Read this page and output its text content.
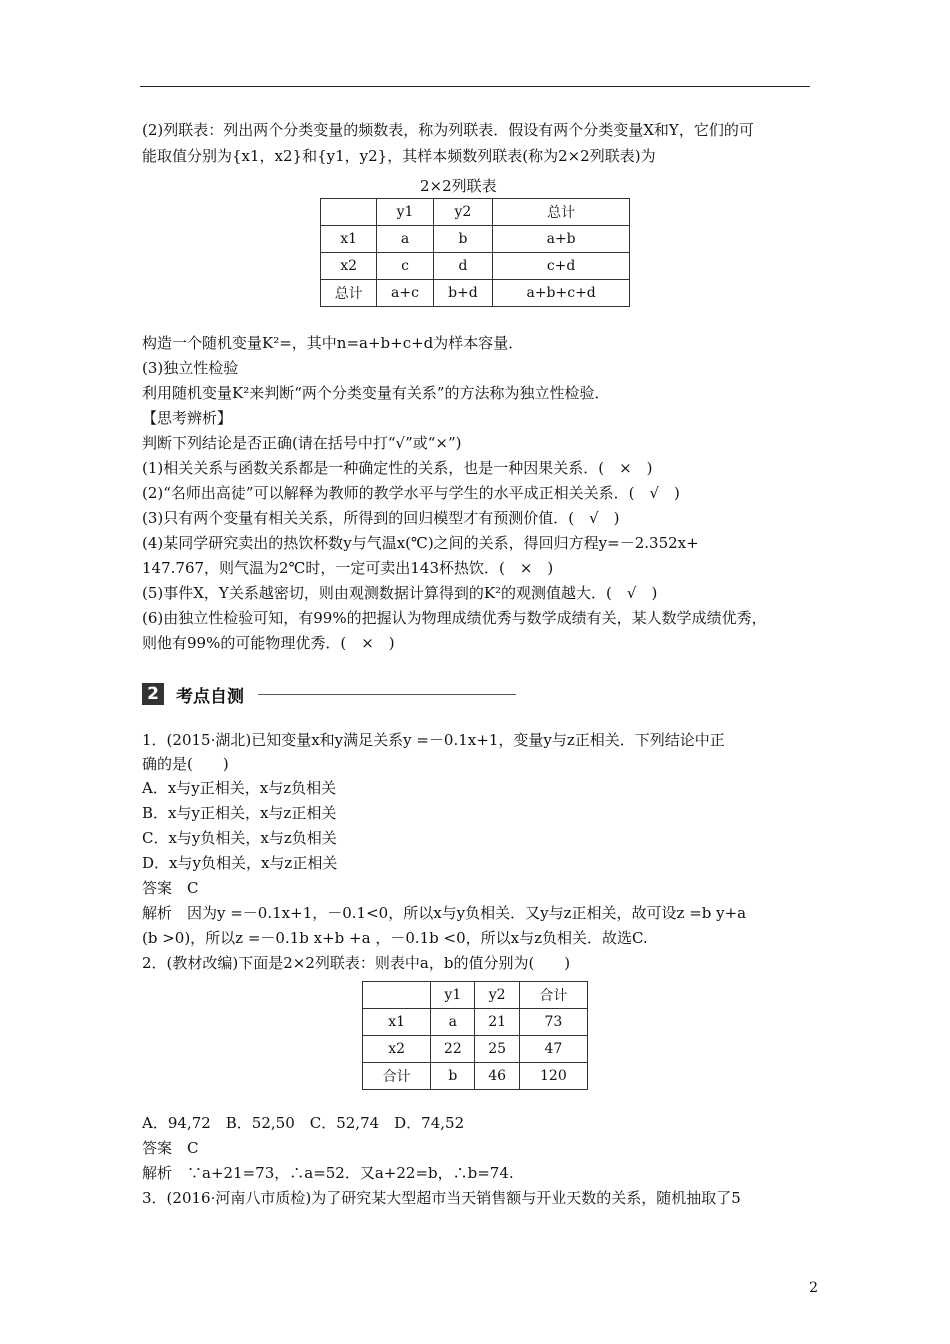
(2)列联表：列出两个分类变量的频数表，称为列联表．假设有两个分类变量X和Y，它们的可
能取值分别为{x1，x2}和{y1，y2}，其样本频数列联表(称为2×2列联表)为
2×2列联表
	y1	y2	总计
x1	a	b	a+b
x2	c	d	c+d
总计	a+c	b+d	a+b+c+d
构造一个随机变量K²=，其中n=a+b+c+d为样本容量．
(3)独立性检验
利用随机变量K²来判断“两个分类变量有关系”的方法称为独立性检验．
【思考辨析】
判断下列结论是否正确(请在括号中打“√”或“×”)
(1)相关关系与函数关系都是一种确定性的关系，也是一种因果关系．(　×　)
(2)“名师出高徒”可以解释为教师的教学水平与学生的水平成正相关关系．(　√　)
(3)只有两个变量有相关关系，所得到的回归模型才有预测价值．(　√　)
(4)某同学研究卖出的热饮杯数y与气温x(℃)之间的关系，得回归方程y=－2.352x+
147.767，则气温为2℃时，一定可卖出143杯热饮．(　×　)
(5)事件X，Y关系越密切，则由观测数据计算得到的K²的观测值越大．(　√　)
(6)由独立性检验可知，有99%的把握认为物理成绩优秀与数学成绩有关，某人数学成绩优秀，
则他有99%的可能物理优秀．(　×　)
2 考点自测
1．(2015·湖北)已知变量x和y满足关系y =－0.1x+1，变量y与z正相关．下列结论中正
确的是(　　)
A．x与y正相关，x与z负相关
B．x与y正相关，x与z正相关
C．x与y负相关，x与z负相关
D．x与y负相关，x与z正相关
答案　C
解析　因为y =－0.1x+1，－0.1<0，所以x与y负相关．又y与z正相关，故可设z =b y+a
(b >0)，所以z =－0.1b x+b +a ，－0.1b <0，所以x与z负相关．故选C.
2．(教材改编)下面是2×2列联表：则表中a，b的值分别为(　　)
	y1	y2	合计
x1	a	21	73
x2	22	25	47
合计	b	46	120
A．94,72　B．52,50　C．52,74　D．74,52
答案　C
解析　∵a+21=73，∴a=52．又a+22=b，∴b=74.
3．(2016·河南八市质检)为了研究某大型超市当天销售额与开业天数的关系，随机抽取了5
2
